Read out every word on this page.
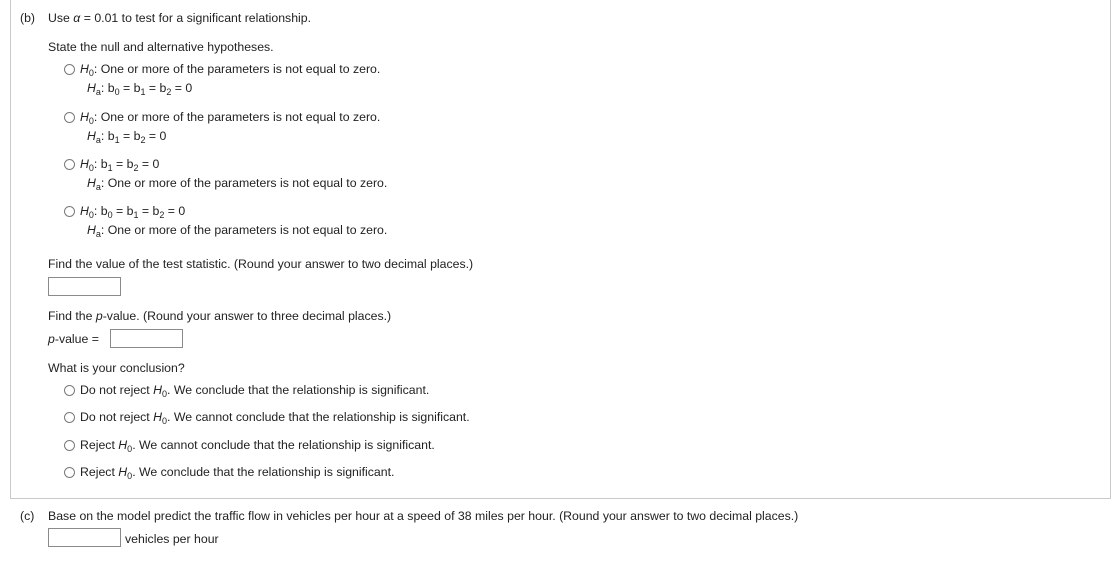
(b) Use α = 0.01 to test for a significant relationship.
State the null and alternative hypotheses.
$H_0$: One or more of the parameters is not equal to zero.
$H_a$: $b_0 = b_1 = b_2 = 0$
$H_0$: One or more of the parameters is not equal to zero.
$H_a$: $b_1 = b_2 = 0$
$H_0$: $b_1 = b_2 = 0$
$H_a$: One or more of the parameters is not equal to zero.
$H_0$: $b_0 = b_1 = b_2 = 0$
$H_a$: One or more of the parameters is not equal to zero.
Find the value of the test statistic. (Round your answer to two decimal places.)
Find the p-value. (Round your answer to three decimal places.)
p-value =
What is your conclusion?
Do not reject $H_0$. We conclude that the relationship is significant.
Do not reject $H_0$. We cannot conclude that the relationship is significant.
Reject $H_0$. We cannot conclude that the relationship is significant.
Reject $H_0$. We conclude that the relationship is significant.
(c) Base on the model predict the traffic flow in vehicles per hour at a speed of 38 miles per hour. (Round your answer to two decimal places.)
vehicles per hour
